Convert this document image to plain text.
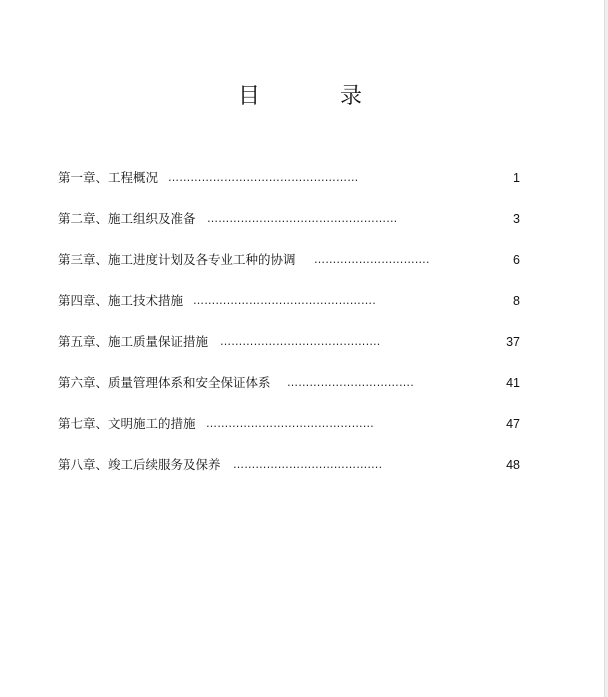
目	录
第一章、工程概况 ……………………………………………	1
第二章、施工组织及准备 ……………………………………………	3
第三章、施工进度计划及各专业工种的协调 ………………………….	6
第四章、施工技术措施 ………………………………………….	8
第五章、施工质量保证措施 …………………………………….	37
第六章、质量管理体系和安全保证体系 …………………………….	41
第七章、文明施工的措施 ………………………………………	47
第八章、竣工后续服务及保养 ………………………………….	48
